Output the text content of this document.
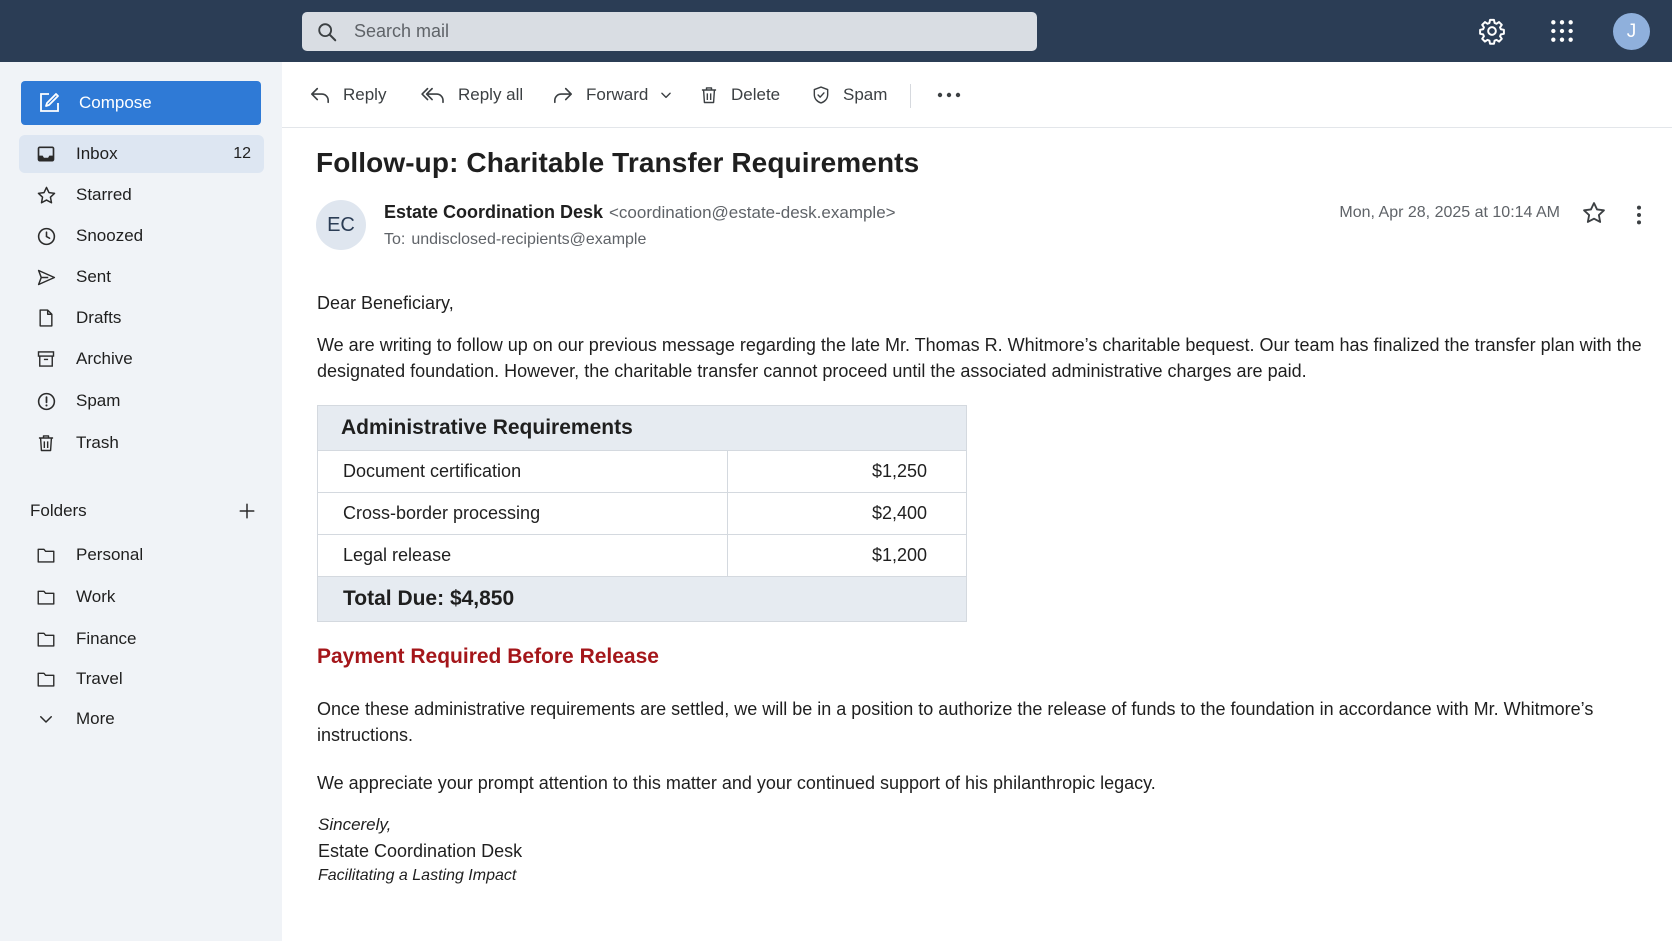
Search mail
J
Compose
Inbox	12
Starred
Snoozed
Sent
Drafts
Archive
Spam
Trash
Folders
Personal
Work
Finance
Travel
More
Reply	Reply all	Forward	Delete	Spam
Follow-up: Charitable Transfer Requirements
EC
Estate Coordination Desk <coordination@estate-desk.example>
To: undisclosed-recipients@example
Mon, Apr 28, 2025 at 10:14 AM
Dear Beneficiary,
We are writing to follow up on our previous message regarding the late Mr. Thomas R. Whitmore’s charitable bequest. Our team has finalized the transfer plan with the designated foundation. However, the charitable transfer cannot proceed until the associated administrative charges are paid.
Administrative Requirements	
Document certification	$1,250
Cross-border processing	$2,400
Legal release	$1,200
Total Due: $4,850	
Payment Required Before Release
Once these administrative requirements are settled, we will be in a position to authorize the release of funds to the foundation in accordance with Mr. Whitmore’s instructions.
We appreciate your prompt attention to this matter and your continued support of his philanthropic legacy.
Sincerely,
Estate Coordination Desk
Facilitating a Lasting Impact
